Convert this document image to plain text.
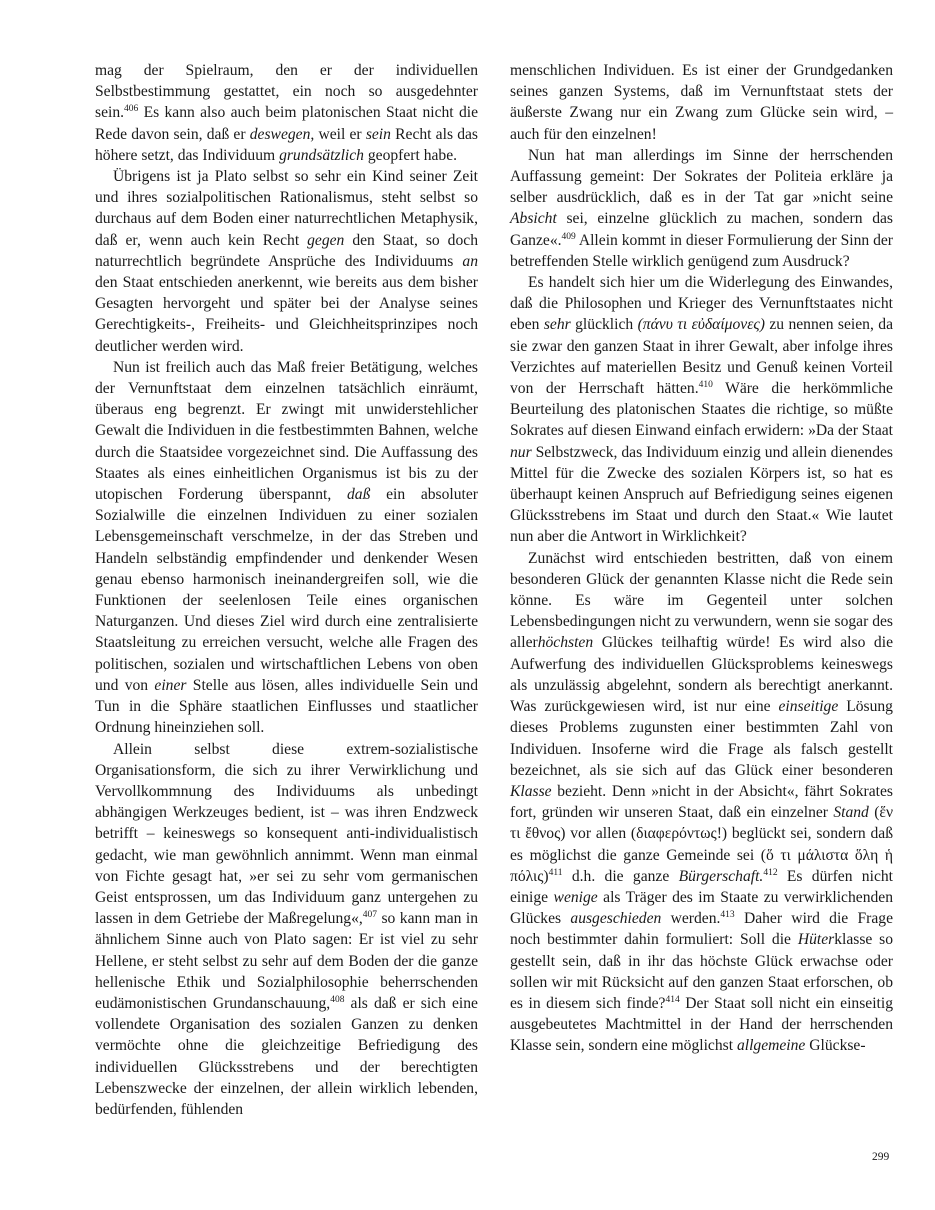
mag der Spielraum, den er der individuellen Selbstbestimmung gestattet, ein noch so ausgedehnter sein.$^{406}$ Es kann also auch beim platonischen Staat nicht die Rede davon sein, daß er deswegen, weil er sein Recht als das höhere setzt, das Individuum grundsätzlich geopfert habe.

Übrigens ist ja Plato selbst so sehr ein Kind seiner Zeit und ihres sozialpolitischen Rationalismus, steht selbst so durchaus auf dem Boden einer naturrechtlichen Metaphysik, daß er, wenn auch kein Recht gegen den Staat, so doch naturrechtlich begründete Ansprüche des Individuums an den Staat entschieden anerkennt, wie bereits aus dem bisher Gesagten hervorgeht und später bei der Analyse seines Gerechtigkeits-, Freiheits- und Gleichheitsprinzipes noch deutlicher werden wird.

Nun ist freilich auch das Maß freier Betätigung, welches der Vernunftstaat dem einzelnen tatsächlich einräumt, überaus eng begrenzt. Er zwingt mit unwiderstehlicher Gewalt die Individuen in die festbestimmten Bahnen, welche durch die Staatsidee vorgezeichnet sind. Die Auffassung des Staates als eines einheitlichen Organismus ist bis zu der utopischen Forderung überspannt, daß ein absoluter Sozialwille die einzelnen Individuen zu einer sozialen Lebensgemeinschaft verschmelze, in der das Streben und Handeln selbständig empfindender und denkender Wesen genau ebenso harmonisch ineinandergreifen soll, wie die Funktionen der seelenlosen Teile eines organischen Naturganzen. Und dieses Ziel wird durch eine zentralisierte Staatsleitung zu erreichen versucht, welche alle Fragen des politischen, sozialen und wirtschaftlichen Lebens von oben und von einer Stelle aus lösen, alles individuelle Sein und Tun in die Sphäre staatlichen Einflusses und staatlicher Ordnung hineinziehen soll.

Allein selbst diese extrem-sozialistische Organisationsform, die sich zu ihrer Verwirklichung und Vervollkommnung des Individuums als unbedingt abhängigen Werkzeuges bedient, ist – was ihren Endzweck betrifft – keineswegs so konsequent anti-individualistisch gedacht, wie man gewöhnlich annimmt. Wenn man einmal von Fichte gesagt hat, »er sei zu sehr vom germanischen Geist entsprossen, um das Individuum ganz untergehen zu lassen in dem Getriebe der Maßregelung«,$^{407}$ so kann man in ähnlichem Sinne auch von Plato sagen: Er ist viel zu sehr Hellene, er steht selbst zu sehr auf dem Boden der die ganze hellenische Ethik und Sozialphilosophie beherrschenden eudämonistischen Grundanschauung,$^{408}$ als daß er sich eine vollendete Organisation des sozialen Ganzen zu denken vermöchte ohne die gleichzeitige Befriedigung des individuellen Glücksstrebens und der berechtigten Lebenszwecke der einzelnen, der allein wirklich lebenden, bedürfenden, fühlenden

menschlichen Individuen. Es ist einer der Grundgedanken seines ganzen Systems, daß im Vernunftstaat stets der äußerste Zwang nur ein Zwang zum Glücke sein wird, – auch für den einzelnen!

Nun hat man allerdings im Sinne der herrschenden Auffassung gemeint: Der Sokrates der Politeia erkläre ja selber ausdrücklich, daß es in der Tat gar »nicht seine Absicht sei, einzelne glücklich zu machen, sondern das Ganze«.$^{409}$ Allein kommt in dieser Formulierung der Sinn der betreffenden Stelle wirklich genügend zum Ausdruck?

Es handelt sich hier um die Widerlegung des Einwandes, daß die Philosophen und Krieger des Vernunftstaates nicht eben sehr glücklich (πάνυ τι εὐδαίμονες) zu nennen seien, da sie zwar den ganzen Staat in ihrer Gewalt, aber infolge ihres Verzichtes auf materiellen Besitz und Genuß keinen Vorteil von der Herrschaft hätten.$^{410}$ Wäre die herkömmliche Beurteilung des platonischen Staates die richtige, so müßte Sokrates auf diesen Einwand einfach erwidern: »Da der Staat nur Selbstzweck, das Individuum einzig und allein dienendes Mittel für die Zwecke des sozialen Körpers ist, so hat es überhaupt keinen Anspruch auf Befriedigung seines eigenen Glücksstrebens im Staat und durch den Staat.« Wie lautet nun aber die Antwort in Wirklichkeit?

Zunächst wird entschieden bestritten, daß von einem besonderen Glück der genannten Klasse nicht die Rede sein könne. Es wäre im Gegenteil unter solchen Lebensbedingungen nicht zu verwundern, wenn sie sogar des allerhöchsten Glückes teilhaftig würde! Es wird also die Aufwerfung des individuellen Glücksproblems keineswegs als unzulässig abgelehnt, sondern als berechtigt anerkannt. Was zurückgewiesen wird, ist nur eine einseitige Lösung dieses Problems zugunsten einer bestimmten Zahl von Individuen. Insoferne wird die Frage als falsch gestellt bezeichnet, als sie sich auf das Glück einer besonderen Klasse bezieht. Denn »nicht in der Absicht«, fährt Sokrates fort, gründen wir unseren Staat, daß ein einzelner Stand (ἕν τι ἔθνος) vor allen (διαφερόντως!) beglückt sei, sondern daß es möglichst die ganze Gemeinde sei (ὅ τι μάλιστα ὅλη ἡ πόλις)$^{411}$ d.h. die ganze Bürgerschaft.$^{412}$ Es dürfen nicht einige wenige als Träger des im Staate zu verwirklichenden Glückes ausgeschieden werden.$^{413}$ Daher wird die Frage noch bestimmter dahin formuliert: Soll die Hüterklasse so gestellt sein, daß in ihr das höchste Glück erwachse oder sollen wir mit Rücksicht auf den ganzen Staat erforschen, ob es in diesem sich finde?$^{414}$ Der Staat soll nicht ein einseitig ausgebeutetes Machtmittel in der Hand der herrschenden Klasse sein, sondern eine möglichst allgemeine Glückse-

299
